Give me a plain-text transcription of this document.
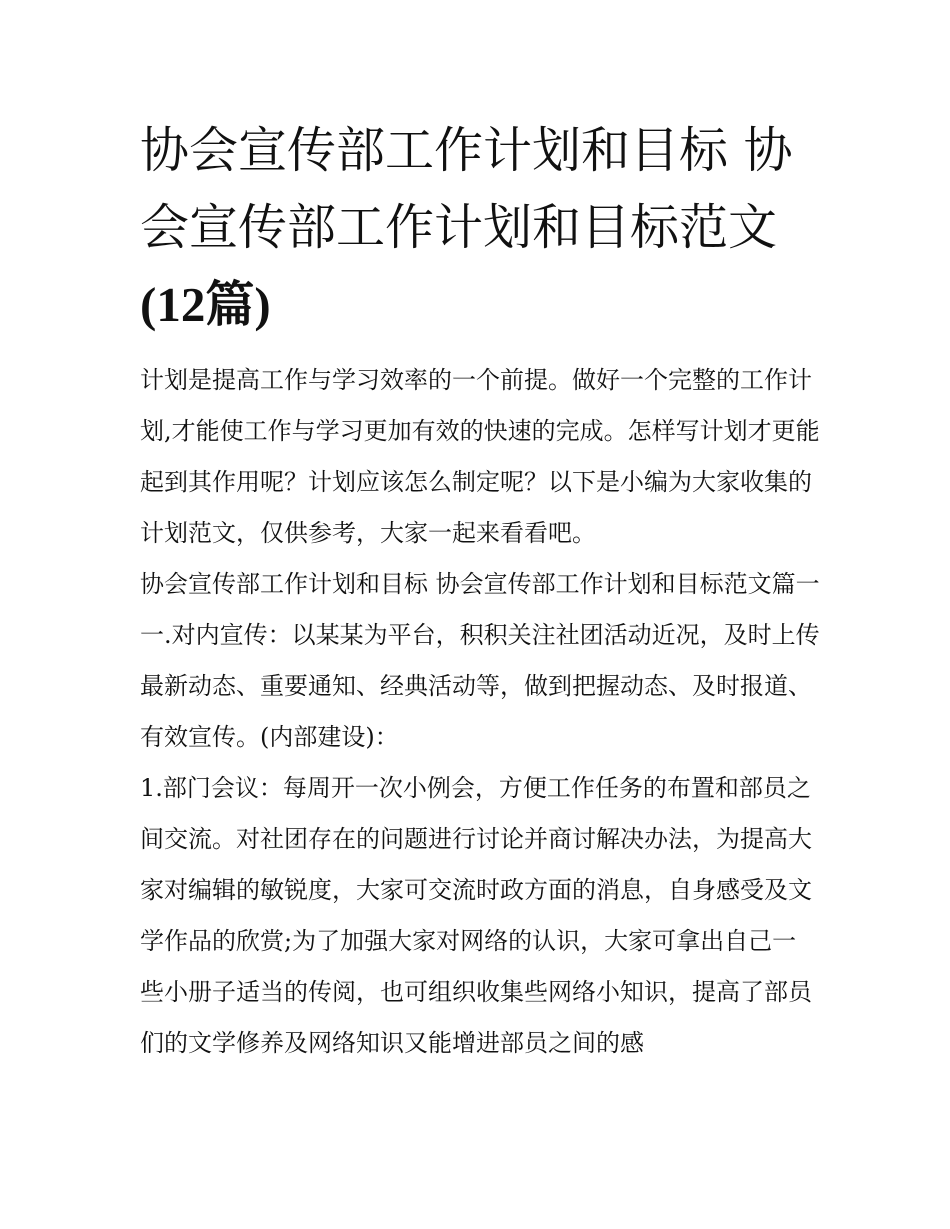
协会宣传部工作计划和目标 协会宣传部工作计划和目标范文
(12篇)

计划是提高工作与学习效率的一个前提。做好一个完整的工作计划,才能使工作与学习更加有效的快速的完成。怎样写计划才更能起到其作用呢？计划应该怎么制定呢？以下是小编为大家收集的计划范文，仅供参考，大家一起来看看吧。

协会宣传部工作计划和目标 协会宣传部工作计划和目标范文篇一

一.对内宣传：以某某为平台，积积关注社团活动近况，及时上传最新动态、重要通知、经典活动等，做到把握动态、及时报道、有效宣传。(内部建设)：

1.部门会议：每周开一次小例会，方便工作任务的布置和部员之间交流。对社团存在的问题进行讨论并商讨解决办法，为提高大家对编辑的敏锐度，大家可交流时政方面的消息，自身感受及文学作品的欣赏;为了加强大家对网络的认识，大家可拿出自己一些小册子适当的传阅，也可组织收集些网络小知识，提高了部员们的文学修养及网络知识又能增进部员之间的感
